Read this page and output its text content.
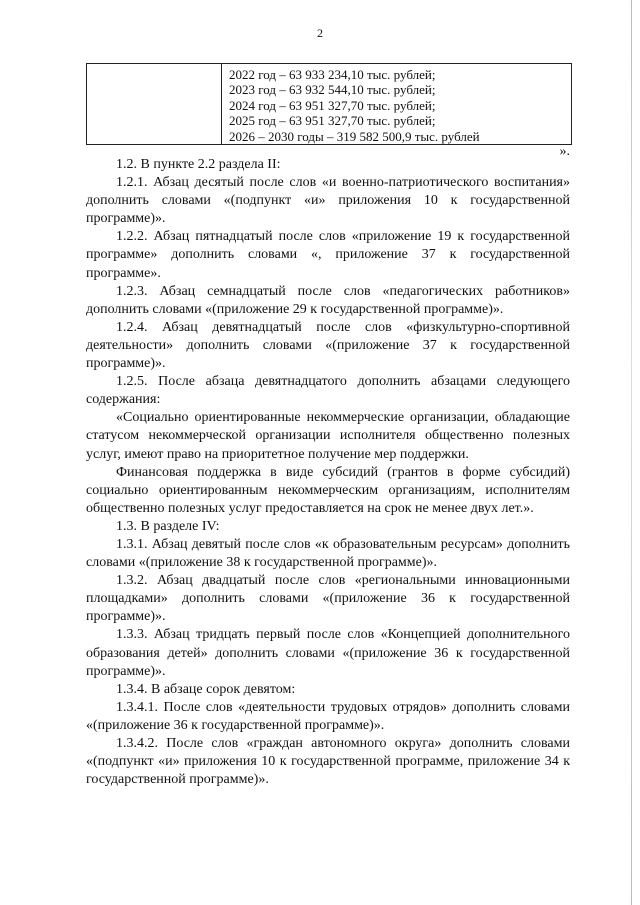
2
2022 год – 63 933 234,10 тыс. рублей;
2023 год – 63 932 544,10 тыс. рублей;
2024 год – 63 951 327,70 тыс. рублей;
2025 год – 63 951 327,70 тыс. рублей;
2026 – 2030 годы – 319 582 500,9 тыс. рублей
».

1.2. В пункте 2.2 раздела II:

1.2.1. Абзац десятый после слов «и военно-патриотического воспитания» дополнить словами «(подпункт «и» приложения 10 к государственной программе)».

1.2.2. Абзац пятнадцатый после слов «приложение 19 к государственной программе» дополнить словами «, приложение 37 к государственной программе».

1.2.3. Абзац семнадцатый после слов «педагогических работников» дополнить словами «(приложение 29 к государственной программе)».

1.2.4. Абзац девятнадцатый после слов «физкультурно-спортивной деятельности» дополнить словами «(приложение 37 к государственной программе)».

1.2.5. После абзаца девятнадцатого дополнить абзацами следующего содержания:

«Социально ориентированные некоммерческие организации, обладающие статусом некоммерческой организации исполнителя общественно полезных услуг, имеют право на приоритетное получение мер поддержки.

Финансовая поддержка в виде субсидий (грантов в форме субсидий) социально ориентированным некоммерческим организациям, исполнителям общественно полезных услуг предоставляется на срок не менее двух лет.».

1.3. В разделе IV:

1.3.1. Абзац девятый после слов «к образовательным ресурсам» дополнить словами «(приложение 38 к государственной программе)».

1.3.2. Абзац двадцатый после слов «региональными инновационными площадками» дополнить словами «(приложение 36 к государственной программе)».

1.3.3. Абзац тридцать первый после слов «Концепцией дополнительного образования детей» дополнить словами «(приложение 36 к государственной программе)».

1.3.4. В абзаце сорок девятом:

1.3.4.1. После слов «деятельности трудовых отрядов» дополнить словами «(приложение 36 к государственной программе)».

1.3.4.2. После слов «граждан автономного округа» дополнить словами «(подпункт «и» приложения 10 к государственной программе, приложение 34 к государственной программе)».
